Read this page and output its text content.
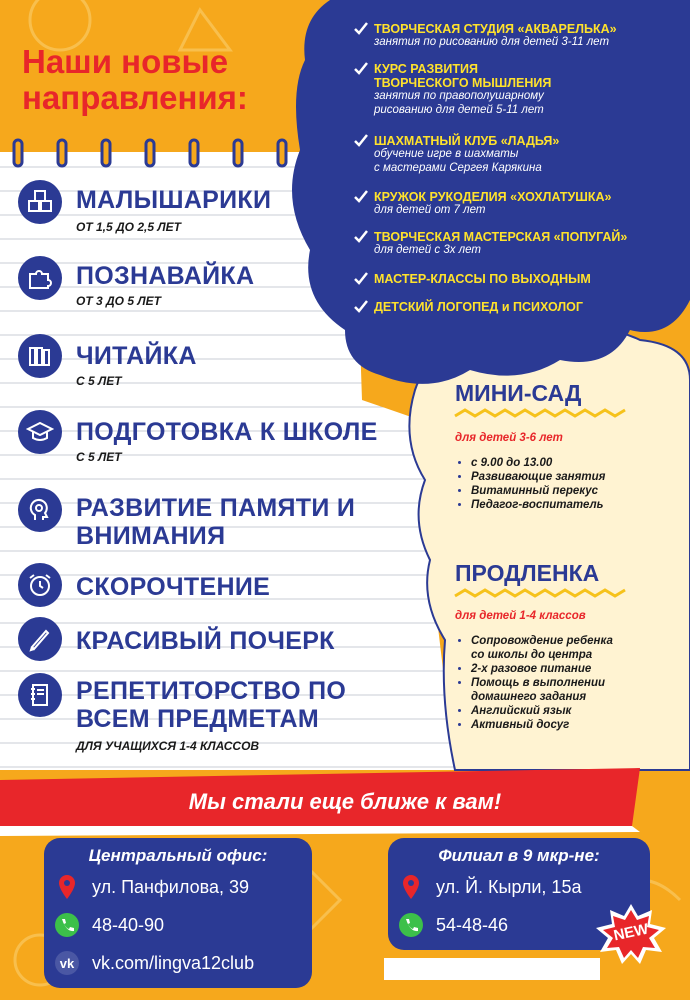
Наши новые
направления:
МАЛЫШАРИКИ
ОТ 1,5 ДО 2,5 ЛЕТ
ПОЗНАВАЙКА
ОТ 3 ДО 5 ЛЕТ
ЧИТАЙКА
С 5 ЛЕТ
ПОДГОТОВКА К ШКОЛЕ
С 5 ЛЕТ
РАЗВИТИЕ ПАМЯТИ И
ВНИМАНИЯ
СКОРОЧТЕНИЕ
КРАСИВЫЙ ПОЧЕРК
РЕПЕТИТОРСТВО ПО
ВСЕМ ПРЕДМЕТАМ
ДЛЯ УЧАЩИХСЯ 1-4 КЛАССОВ
ТВОРЧЕСКАЯ СТУДИЯ «АКВАРЕЛЬКА»
занятия по рисованию для детей 3-11 лет
КУРС РАЗВИТИЯ
ТВОРЧЕСКОГО МЫШЛЕНИЯ
занятия по правополушарному
рисованию для детей 5-11 лет
ШАХМАТНЫЙ КЛУБ «ЛАДЬЯ»
обучение игре в шахматы
с мастерами Сергея Карякина
КРУЖОК РУКОДЕЛИЯ «ХОХЛАТУШКА»
для детей от 7 лет
ТВОРЧЕСКАЯ МАСТЕРСКАЯ «ПОПУГАЙ»
для детей с 3х лет
МАСТЕР-КЛАССЫ ПО ВЫХОДНЫМ
ДЕТСКИЙ ЛОГОПЕД и ПСИХОЛОГ
МИНИ-САД
для детей 3-6 лет
• с 9.00 до 13.00
• Развивающие занятия
• Витаминный перекус
• Педагог-воспитатель
ПРОДЛЕНКА
для детей 1-4 классов
• Сопровождение ребенка
со школы до центра
• 2-х разовое питание
• Помощь в выполнении
домашнего задания
• Английский язык
• Активный досуг
Мы стали еще ближе к вам!
Центральный офис:
ул. Панфилова, 39
48-40-90
vk vk.com/lingva12club
Филиал в 9 мкр-не:
ул. Й. Кырли, 15а
54-48-46	NEW
